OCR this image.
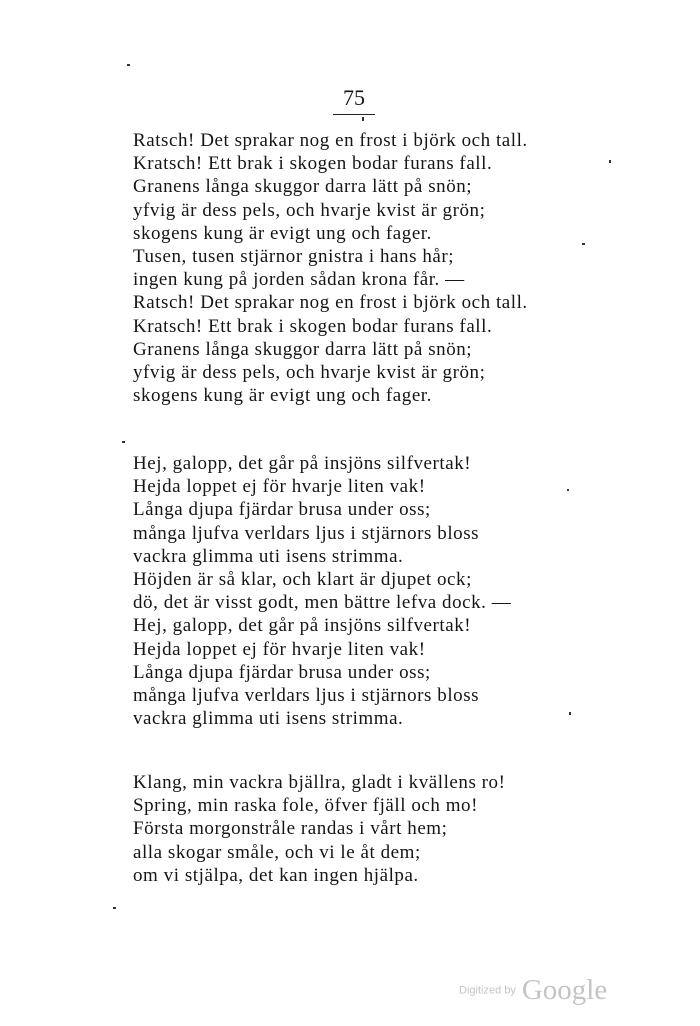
75
Ratsch! Det sprakar nog en frost i björk och tall.
Kratsch! Ett brak i skogen bodar furans fall.
Granens långa skuggor darra lätt på snön;
yfvig är dess pels, och hvarje kvist är grön;
skogens kung är evigt ung och fager.
Tusen, tusen stjärnor gnistra i hans hår;
ingen kung på jorden sådan krona får. —
Ratsch! Det sprakar nog en frost i björk och tall.
Kratsch! Ett brak i skogen bodar furans fall.
Granens långa skuggor darra lätt på snön;
yfvig är dess pels, och hvarje kvist är grön;
skogens kung är evigt ung och fager.
Hej, galopp, det går på insjöns silfvertak!
Hejda loppet ej för hvarje liten vak!
Långa djupa fjärdar brusa under oss;
många ljufva verldars ljus i stjärnors bloss
vackra glimma uti isens strimma.
Höjden är så klar, och klart är djupet ock;
dö, det är visst godt, men bättre lefva dock. —
Hej, galopp, det går på insjöns silfvertak!
Hejda loppet ej för hvarje liten vak!
Långa djupa fjärdar brusa under oss;
många ljufva verldars ljus i stjärnors bloss
vackra glimma uti isens strimma.
Klang, min vackra bjällra, gladt i kvällens ro!
Spring, min raska fole, öfver fjäll och mo!
Första morgonstråle randas i vårt hem;
alla skogar småle, och vi le åt dem;
om vi stjälpa, det kan ingen hjälpa.
Digitized by Google
